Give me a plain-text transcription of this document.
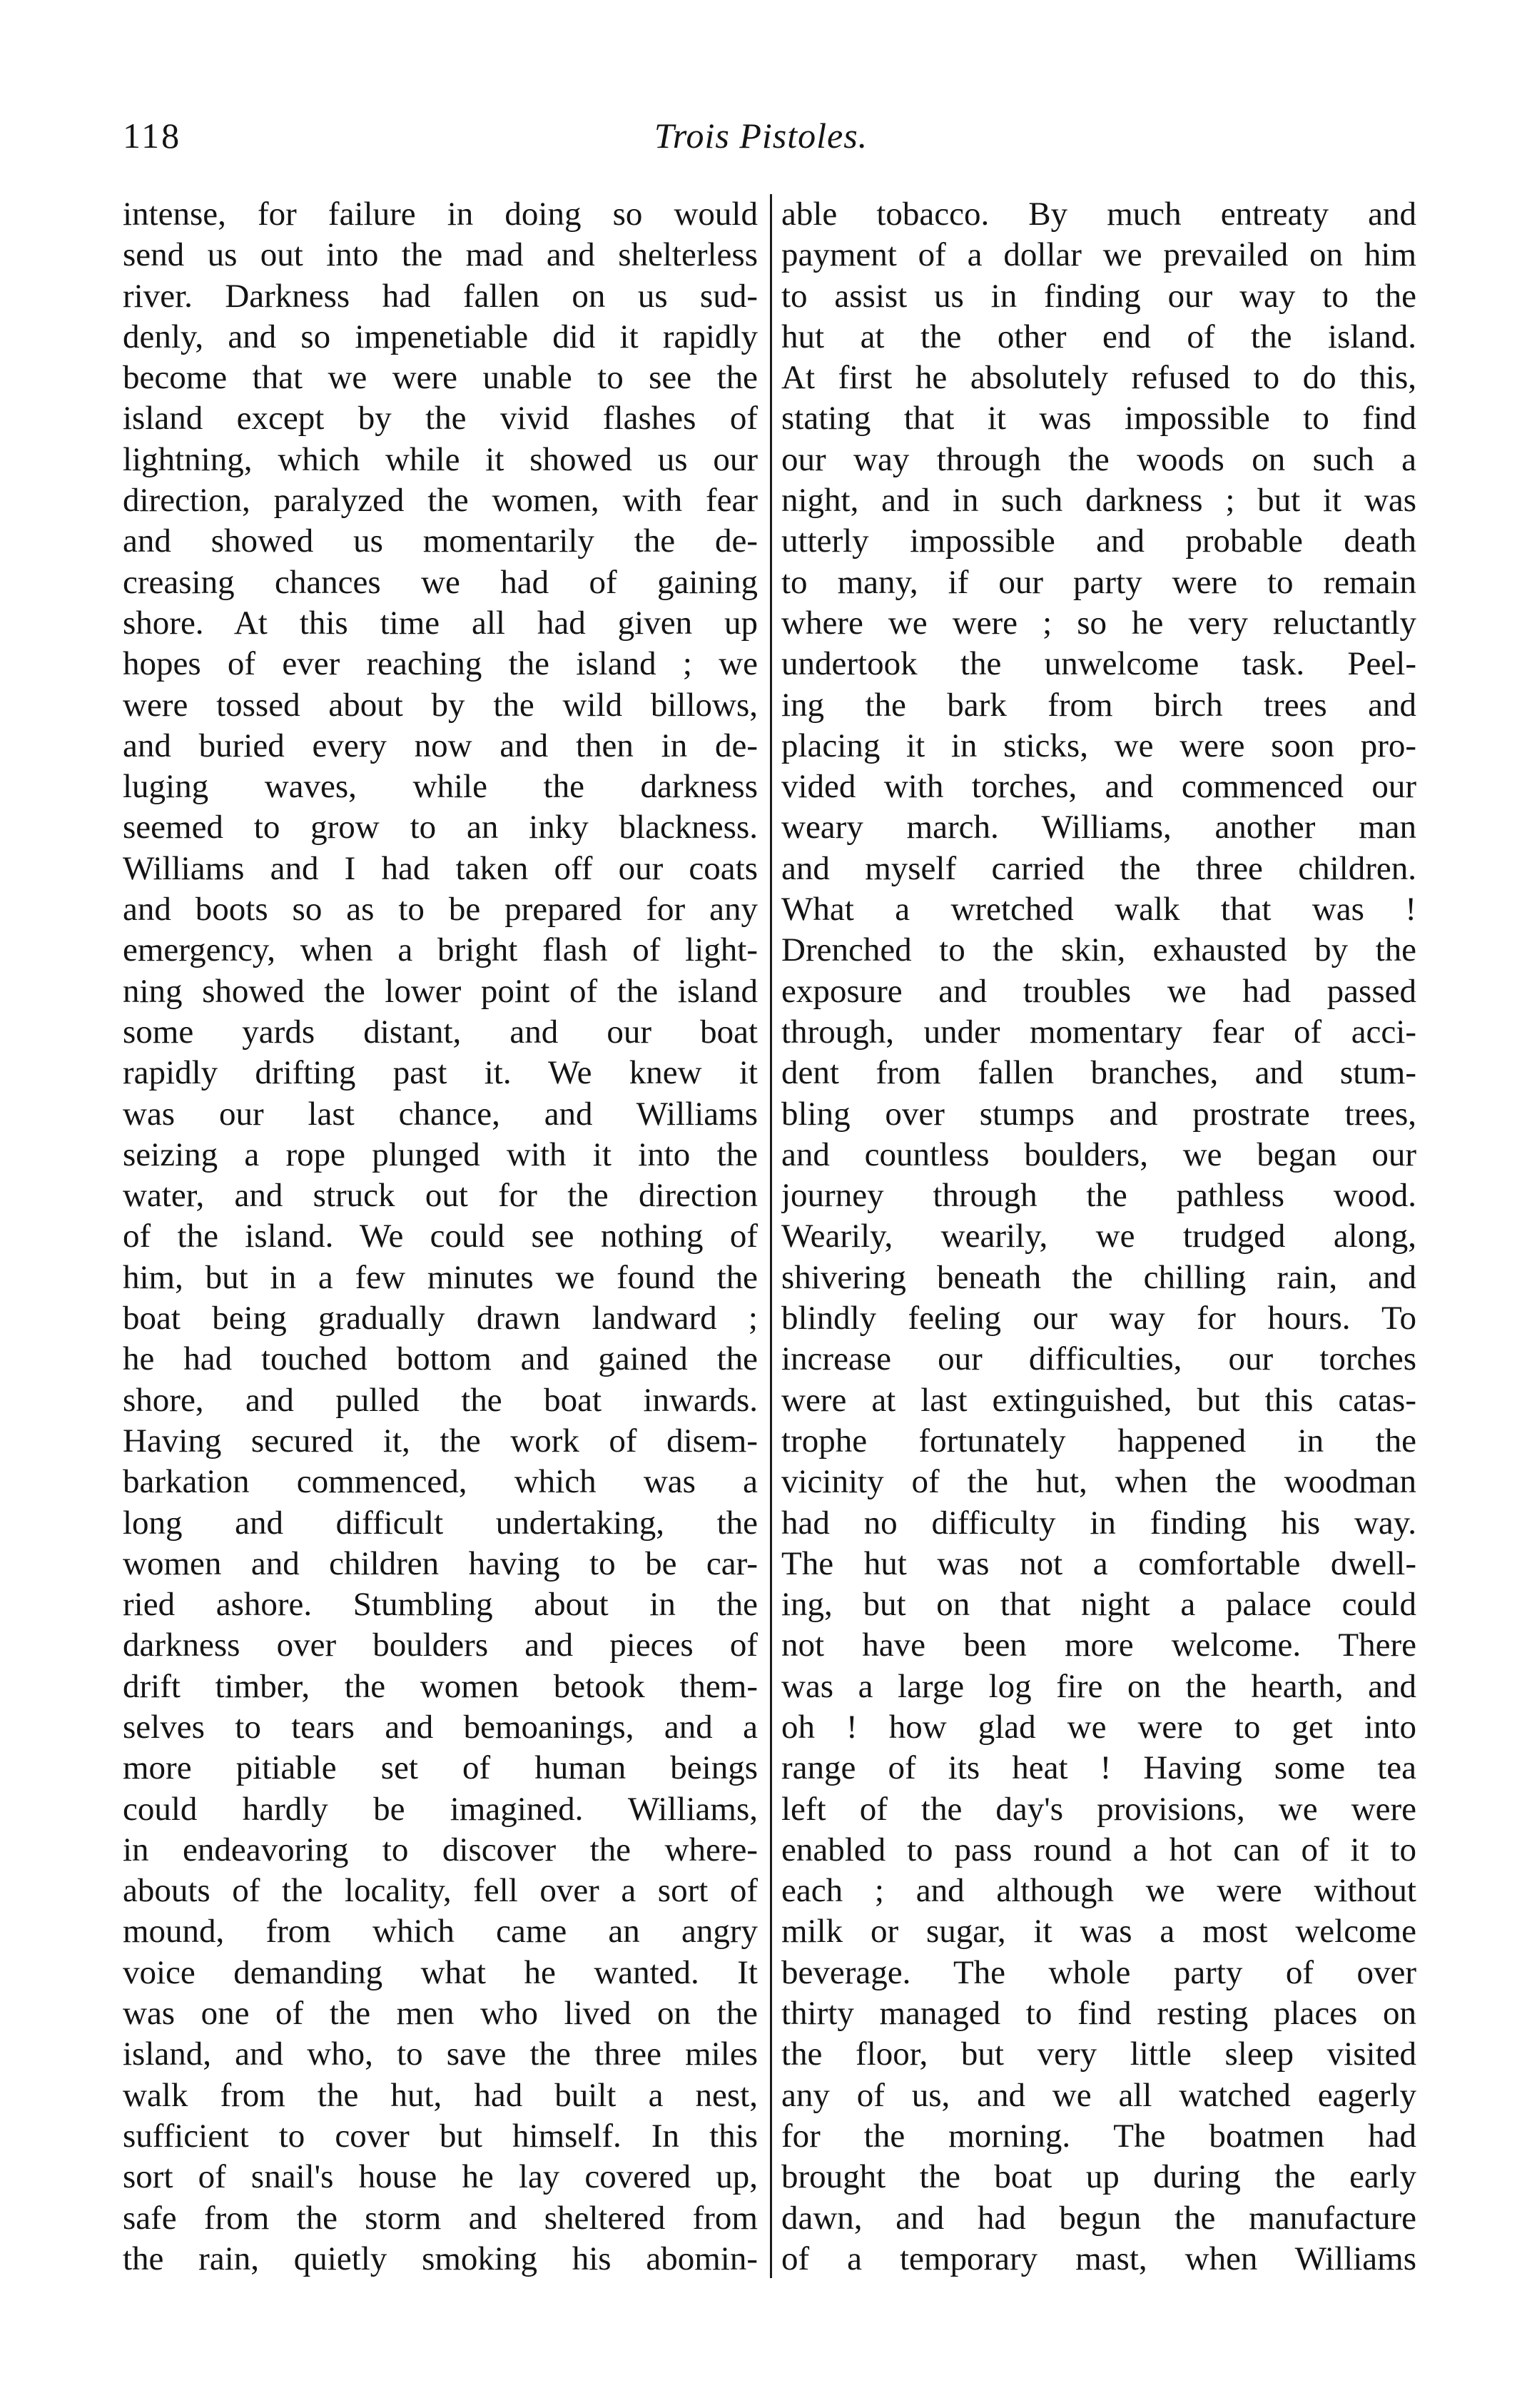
118	Trois Pistoles.
intense, for failure in doing so would
send us out into the mad and shelterless
river. Darkness had fallen on us sud-
denly, and so impenetiable did it rapidly
become that we were unable to see the
island except by the vivid flashes of
lightning, which while it showed us our
direction, paralyzed the women, with fear
and showed us momentarily the de-
creasing chances we had of gaining
shore. At this time all had given up
hopes of ever reaching the island ; we
were tossed about by the wild billows,
and buried every now and then in de-
luging waves, while the darkness
seemed to grow to an inky blackness.
Williams and I had taken off our coats
and boots so as to be prepared for any
emergency, when a bright flash of light-
ning showed the lower point of the island
some yards distant, and our boat
rapidly drifting past it. We knew it
was our last chance, and Williams
seizing a rope plunged with it into the
water, and struck out for the direction
of the island. We could see nothing of
him, but in a few minutes we found the
boat being gradually drawn landward ;
he had touched bottom and gained the
shore, and pulled the boat inwards.
Having secured it, the work of disem-
barkation commenced, which was a
long and difficult undertaking, the
women and children having to be car-
ried ashore. Stumbling about in the
darkness over boulders and pieces of
drift timber, the women betook them-
selves to tears and bemoanings, and a
more pitiable set of human beings
could hardly be imagined. Williams,
in endeavoring to discover the where-
abouts of the locality, fell over a sort of
mound, from which came an angry
voice demanding what he wanted. It
was one of the men who lived on the
island, and who, to save the three miles
walk from the hut, had built a nest,
sufficient to cover but himself. In this
sort of snail's house he lay covered up,
safe from the storm and sheltered from
the rain, quietly smoking his abomin-
able tobacco. By much entreaty and
payment of a dollar we prevailed on him
to assist us in finding our way to the
hut at the other end of the island.
At first he absolutely refused to do this,
stating that it was impossible to find
our way through the woods on such a
night, and in such darkness ; but it was
utterly impossible and probable death
to many, if our party were to remain
where we were ; so he very reluctantly
undertook the unwelcome task. Peel-
ing the bark from birch trees and
placing it in sticks, we were soon pro-
vided with torches, and commenced our
weary march. Williams, another man
and myself carried the three children.
What a wretched walk that was !
Drenched to the skin, exhausted by the
exposure and troubles we had passed
through, under momentary fear of acci-
dent from fallen branches, and stum-
bling over stumps and prostrate trees,
and countless boulders, we began our
journey through the pathless wood.
Wearily, wearily, we trudged along,
shivering beneath the chilling rain, and
blindly feeling our way for hours. To
increase our difficulties, our torches
were at last extinguished, but this catas-
trophe fortunately happened in the
vicinity of the hut, when the woodman
had no difficulty in finding his way.
The hut was not a comfortable dwell-
ing, but on that night a palace could
not have been more welcome. There
was a large log fire on the hearth, and
oh ! how glad we were to get into
range of its heat ! Having some tea
left of the day's provisions, we were
enabled to pass round a hot can of it to
each ; and although we were without
milk or sugar, it was a most welcome
beverage. The whole party of over
thirty managed to find resting places on
the floor, but very little sleep visited
any of us, and we all watched eagerly
for the morning. The boatmen had
brought the boat up during the early
dawn, and had begun the manufacture
of a temporary mast, when Williams
